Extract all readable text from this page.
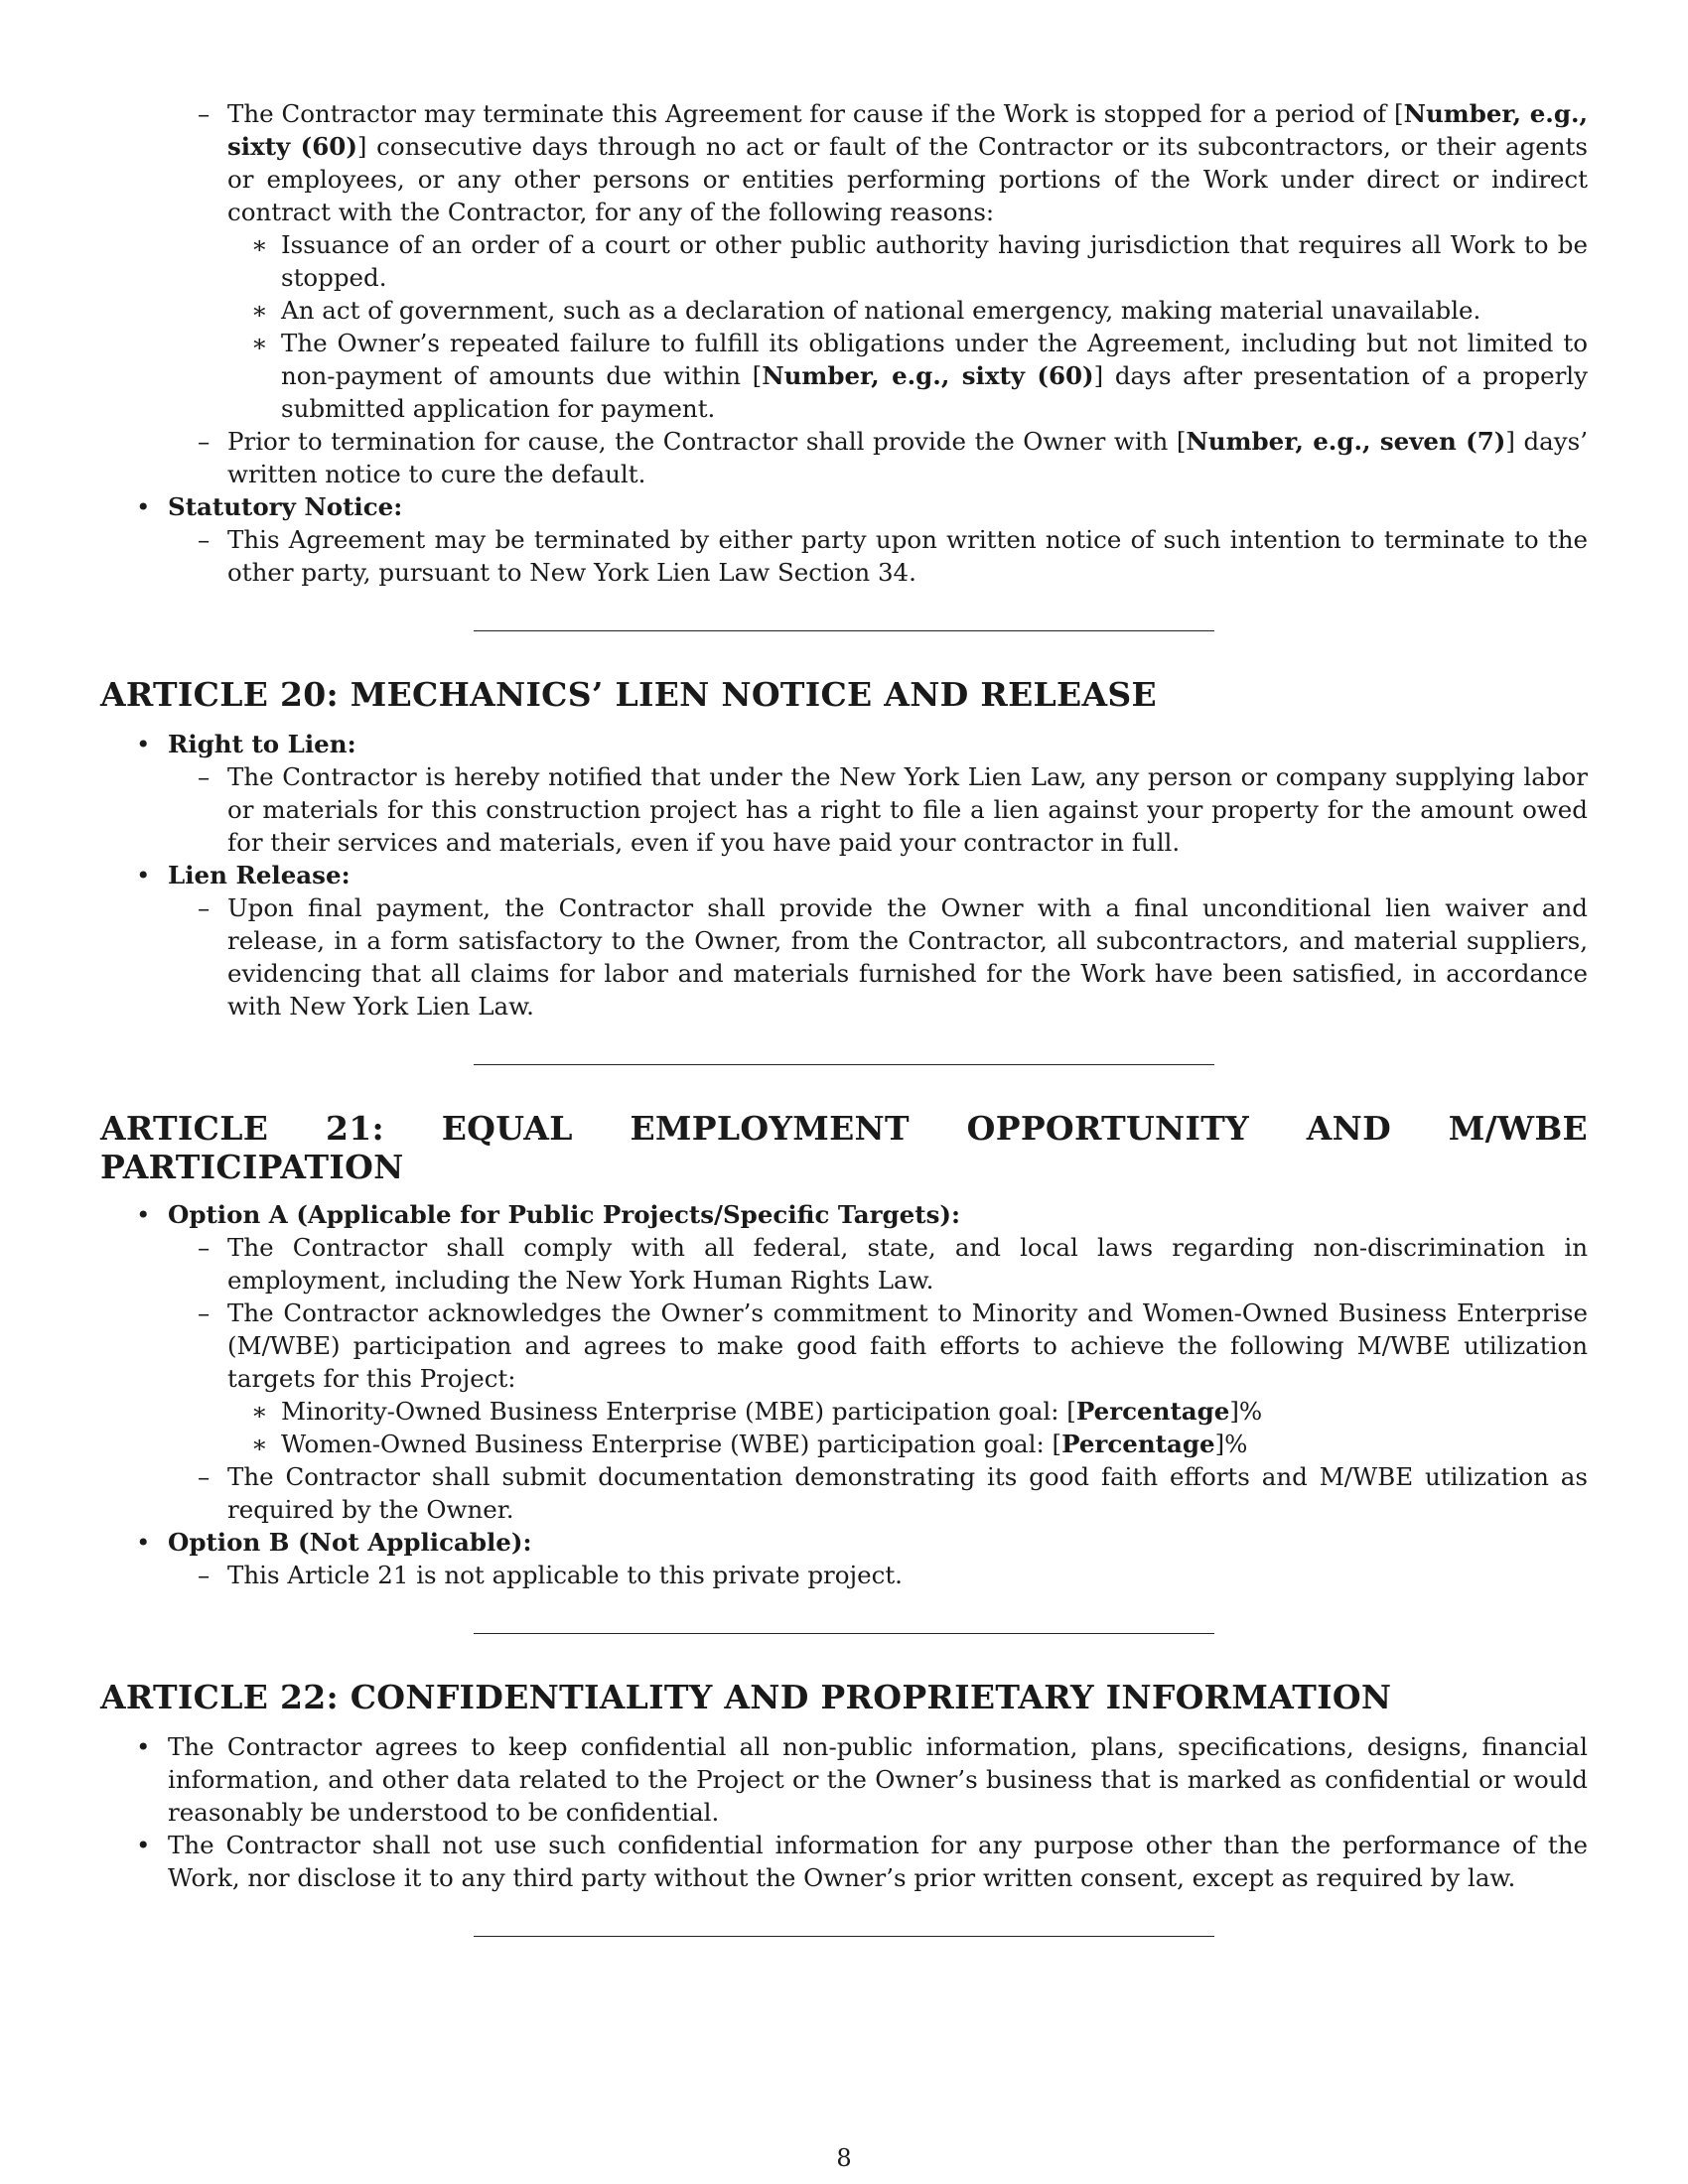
– The Contractor may terminate this Agreement for cause if the Work is stopped for a period of [Number, e.g., sixty (60)] consecutive days through no act or fault of the Contractor or its subcontractors, or their agents or employees, or any other persons or entities performing portions of the Work under direct or indirect contract with the Contractor, for any of the following reasons:
∗ Issuance of an order of a court or other public authority having jurisdiction that requires all Work to be stopped.
∗ An act of government, such as a declaration of national emergency, making material unavailable.
∗ The Owner’s repeated failure to fulfill its obligations under the Agreement, including but not limited to non-payment of amounts due within [Number, e.g., sixty (60)] days after presentation of a properly submitted application for payment.
– Prior to termination for cause, the Contractor shall provide the Owner with [Number, e.g., seven (7)] days’ written notice to cure the default.
• Statutory Notice:
– This Agreement may be terminated by either party upon written notice of such intention to terminate to the other party, pursuant to New York Lien Law Section 34.
ARTICLE 20: MECHANICS’ LIEN NOTICE AND RELEASE
• Right to Lien:
– The Contractor is hereby notified that under the New York Lien Law, any person or company supplying labor or materials for this construction project has a right to file a lien against your property for the amount owed for their services and materials, even if you have paid your contractor in full.
• Lien Release:
– Upon final payment, the Contractor shall provide the Owner with a final unconditional lien waiver and release, in a form satisfactory to the Owner, from the Contractor, all subcontractors, and material suppliers, evidencing that all claims for labor and materials furnished for the Work have been satisfied, in accordance with New York Lien Law.
ARTICLE 21: EQUAL EMPLOYMENT OPPORTUNITY AND M/WBE PARTICIPATION
• Option A (Applicable for Public Projects/Specific Targets):
– The Contractor shall comply with all federal, state, and local laws regarding non-discrimination in employment, including the New York Human Rights Law.
– The Contractor acknowledges the Owner’s commitment to Minority and Women-Owned Business Enterprise (M/WBE) participation and agrees to make good faith efforts to achieve the following M/WBE utilization targets for this Project:
∗ Minority-Owned Business Enterprise (MBE) participation goal: [Percentage]%
∗ Women-Owned Business Enterprise (WBE) participation goal: [Percentage]%
– The Contractor shall submit documentation demonstrating its good faith efforts and M/WBE utilization as required by the Owner.
• Option B (Not Applicable):
– This Article 21 is not applicable to this private project.
ARTICLE 22: CONFIDENTIALITY AND PROPRIETARY INFORMATION
• The Contractor agrees to keep confidential all non-public information, plans, specifications, designs, financial information, and other data related to the Project or the Owner’s business that is marked as confidential or would reasonably be understood to be confidential.
• The Contractor shall not use such confidential information for any purpose other than the performance of the Work, nor disclose it to any third party without the Owner’s prior written consent, except as required by law.
8
